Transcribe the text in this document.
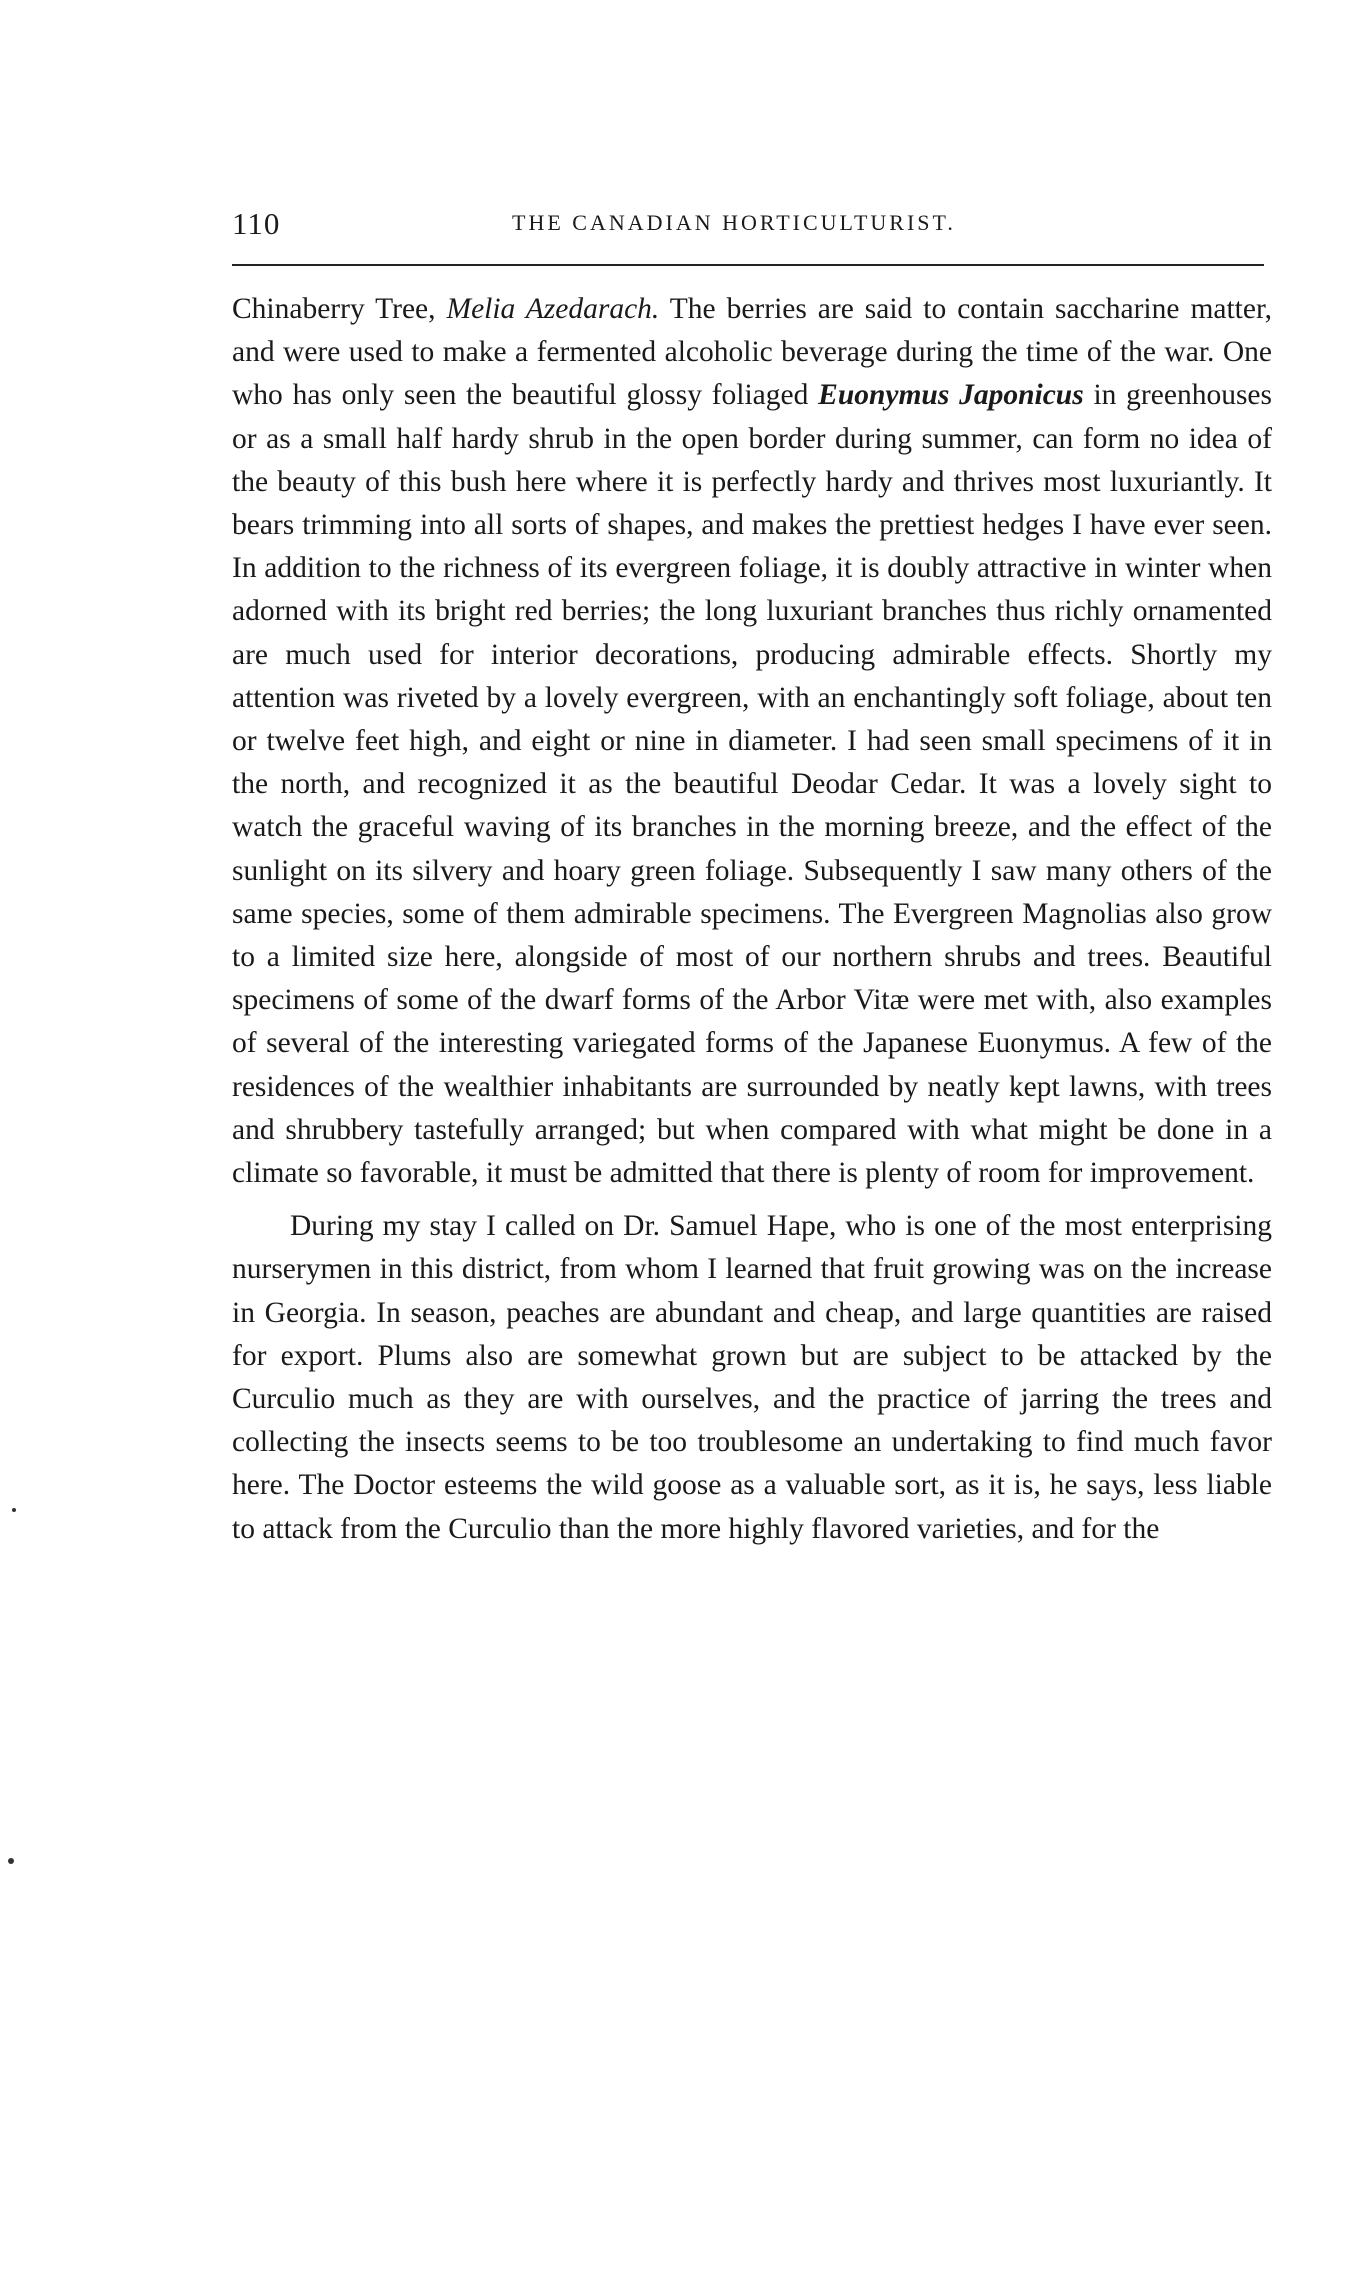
110	THE CANADIAN HORTICULTURIST.

Chinaberry Tree, Melia Azedarach. The berries are said to contain saccharine matter, and were used to make a fermented alcoholic beverage during the time of the war. One who has only seen the beautiful glossy foliaged Euonymus Japonicus in greenhouses or as a small half hardy shrub in the open border during summer, can form no idea of the beauty of this bush here where it is perfectly hardy and thrives most luxuriantly. It bears trimming into all sorts of shapes, and makes the prettiest hedges I have ever seen. In addition to the richness of its evergreen foliage, it is doubly attractive in winter when adorned with its bright red berries; the long luxuriant branches thus richly ornamented are much used for interior decorations, producing admirable effects. Shortly my attention was riveted by a lovely evergreen, with an enchantingly soft foliage, about ten or twelve feet high, and eight or nine in diameter. I had seen small specimens of it in the north, and recognized it as the beautiful Deodar Cedar. It was a lovely sight to watch the graceful waving of its branches in the morning breeze, and the effect of the sunlight on its silvery and hoary green foliage. Subsequently I saw many others of the same species, some of them admirable specimens. The Evergreen Magnolias also grow to a limited size here, alongside of most of our northern shrubs and trees. Beautiful specimens of some of the dwarf forms of the Arbor Vitæ were met with, also examples of several of the interesting variegated forms of the Japanese Euonymus. A few of the residences of the wealthier inhabitants are surrounded by neatly kept lawns, with trees and shrubbery tastefully arranged; but when compared with what might be done in a climate so favorable, it must be admitted that there is plenty of room for improvement.

During my stay I called on Dr. Samuel Hape, who is one of the most enterprising nurserymen in this district, from whom I learned that fruit growing was on the increase in Georgia. In season, peaches are abundant and cheap, and large quantities are raised for export. Plums also are somewhat grown but are subject to be attacked by the Curculio much as they are with ourselves, and the practice of jarring the trees and collecting the insects seems to be too troublesome an undertaking to find much favor here. The Doctor esteems the wild goose as a valuable sort, as it is, he says, less liable to attack from the Curculio than the more highly flavored varieties, and for the
